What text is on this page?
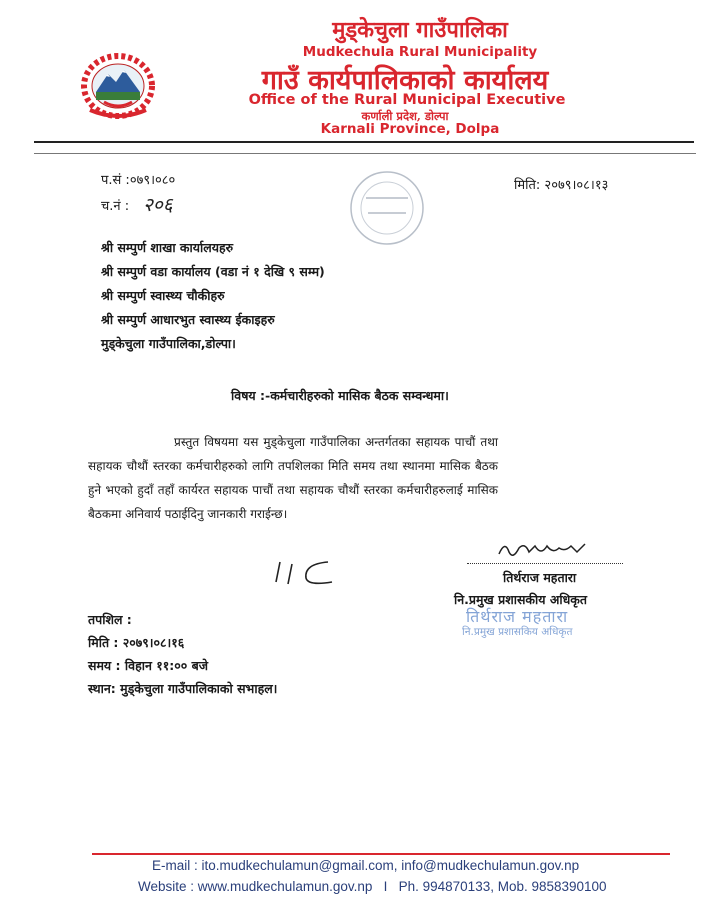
मुड्केचुला गाउँपालिका
Mudkechula Rural Municipality
गाउँ कार्यपालिकाको कार्यालय
Office of the Rural Municipal Executive
कर्णाली प्रदेश, डोल्पा
Karnali Province, Dolpa
प.सं :०७९।०८०
च.नं : २०६
मिति: २०७९।०८।१३
श्री सम्पुर्ण शाखा कार्यालयहरु
श्री सम्पुर्ण वडा कार्यालय (वडा नं १ देखि ९ सम्म)
श्री सम्पुर्ण स्वास्थ्य चौकीहरु
श्री सम्पुर्ण आधारभुत स्वास्थ्य ईकाइहरु
मुड्केचुला गाउँपालिका,डोल्पा।
विषय :-कर्मचारीहरुको मासिक बैठक सम्वन्धमा।
प्रस्तुत विषयमा यस मुड्केचुला गाउँपालिका अन्तर्गतका सहायक पाचौं तथा सहायक चौथौं स्तरका कर्मचारीहरुको लागि तपशिलका मिति समय तथा स्थानमा मासिक बैठक हुने भएको हुदाँ तहाँ कार्यरत सहायक पाचौं तथा सहायक चौथौं स्तरका कर्मचारीहरुलाई मासिक बैठकमा अनिवार्य पठाईदिनु जानकारी गराईन्छ।
तिर्थराज महतारा
नि.प्रमुख प्रशासकीय अधिकृत
तिर्थराज महतारा
नि.प्रमुख प्रशासकिय अधिकृत
तपशिल :
मिति : २०७९।०८।१६
समय : विहान ११:०० बजे
स्थान: मुड्केचुला गाउँपालिकाको सभाहल।
E-mail : ito.mudkechulamun@gmail.com, info@mudkechulamun.gov.np
Website : www.mudkechulamun.gov.np   I   Ph. 994870133, Mob. 9858390100
